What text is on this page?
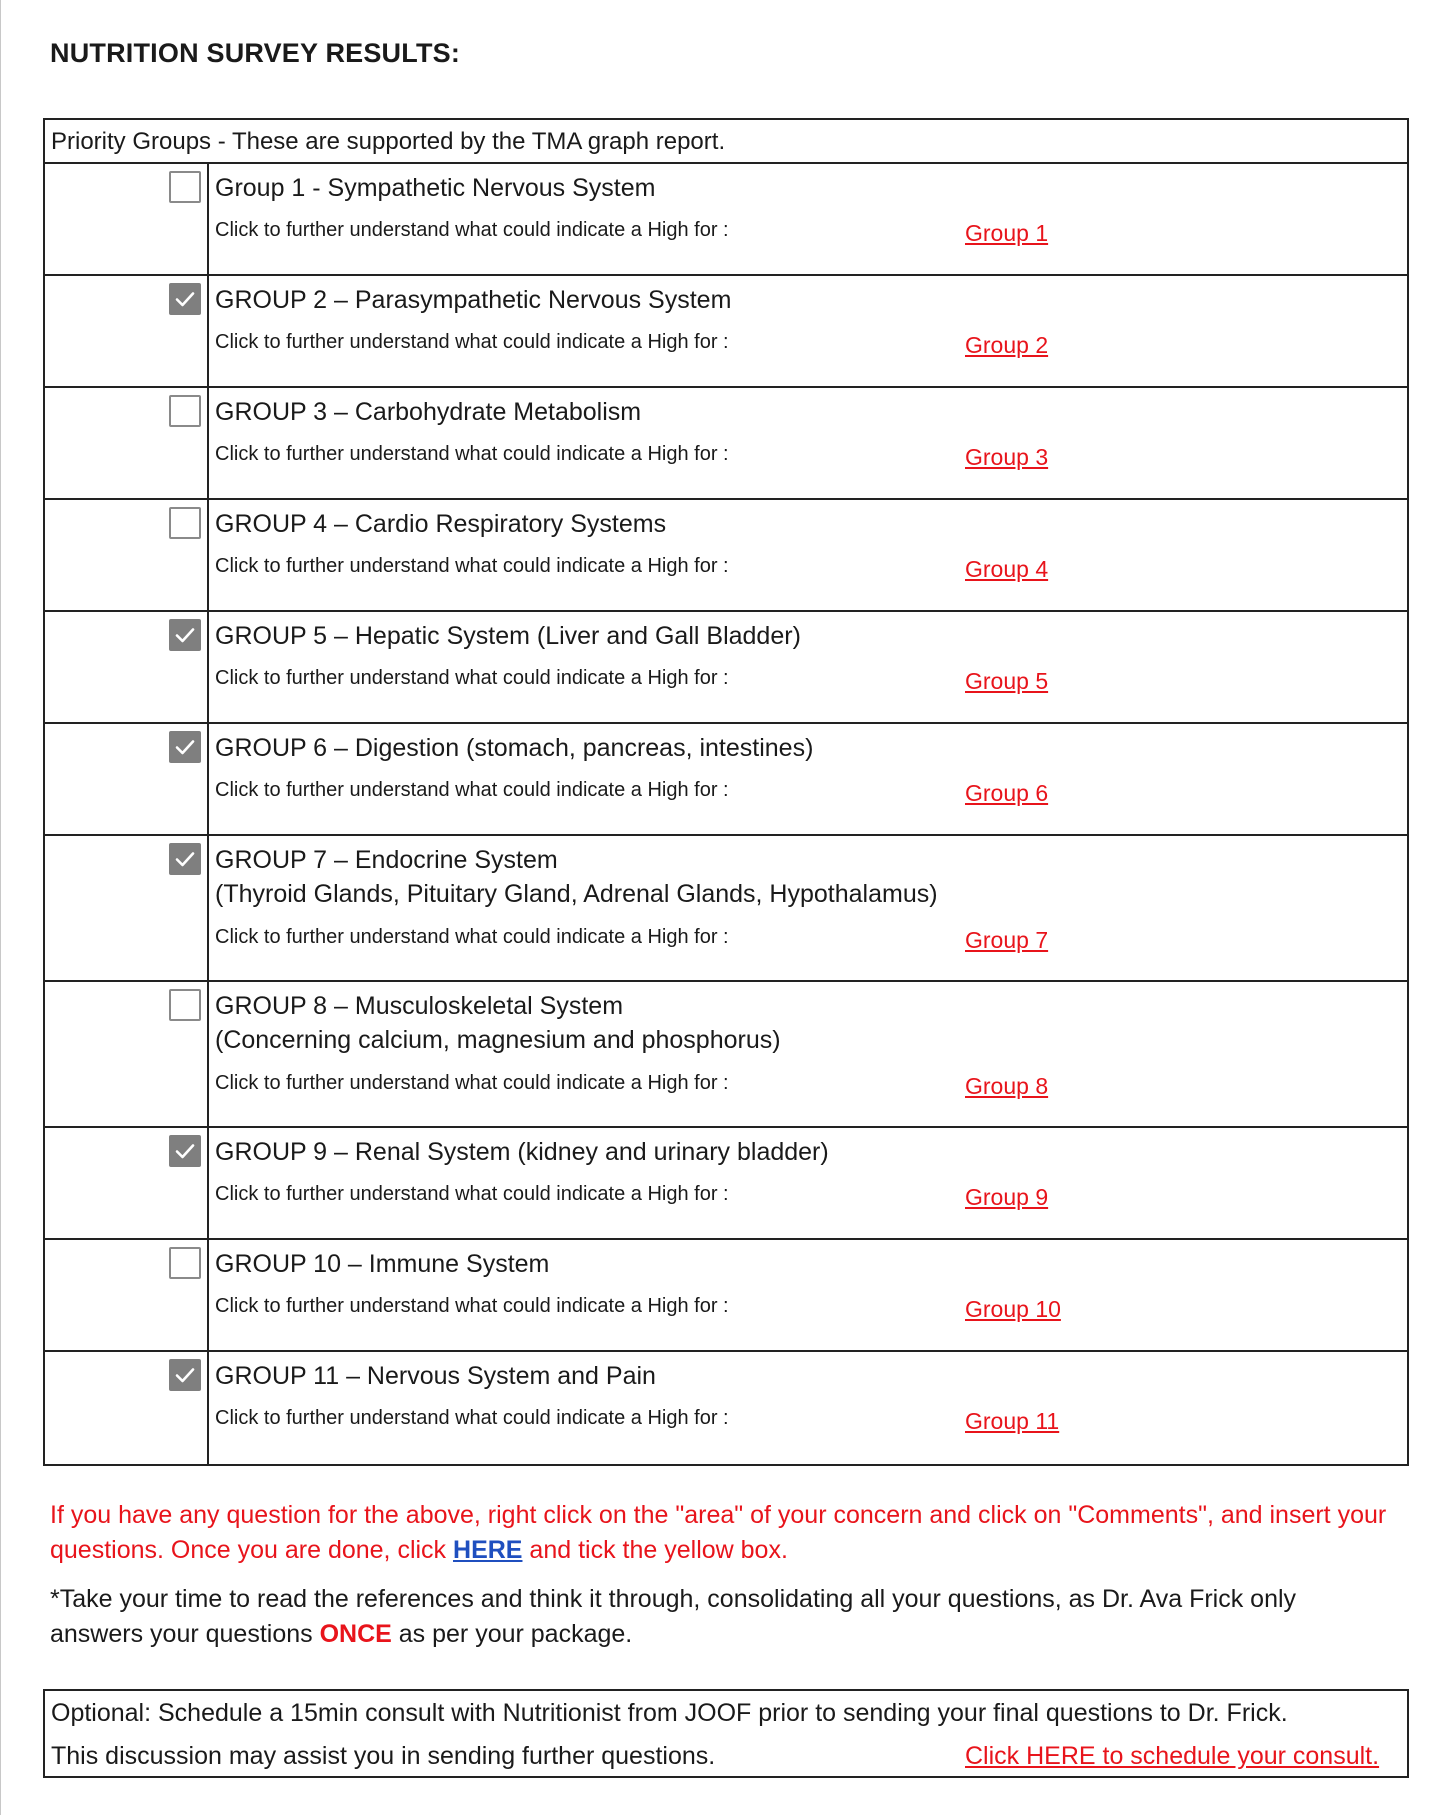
NUTRITION SURVEY RESULTS:
Priority Groups - These are supported by the TMA graph report.
Group 1 - Sympathetic Nervous System
Click to further understand what could indicate a High for :	Group 1
GROUP 2 – Parasympathetic Nervous System
Click to further understand what could indicate a High for :	Group 2
GROUP 3 – Carbohydrate Metabolism
Click to further understand what could indicate a High for :	Group 3
GROUP 4 – Cardio Respiratory Systems
Click to further understand what could indicate a High for :	Group 4
GROUP 5 – Hepatic System (Liver and Gall Bladder)
Click to further understand what could indicate a High for :	Group 5
GROUP 6 – Digestion (stomach, pancreas, intestines)
Click to further understand what could indicate a High for :	Group 6
GROUP 7 – Endocrine System
(Thyroid Glands, Pituitary Gland, Adrenal Glands, Hypothalamus)
Click to further understand what could indicate a High for :	Group 7
GROUP 8 – Musculoskeletal System
(Concerning calcium, magnesium and phosphorus)
Click to further understand what could indicate a High for :	Group 8
GROUP 9 – Renal System (kidney and urinary bladder)
Click to further understand what could indicate a High for :	Group 9
GROUP 10 – Immune System
Click to further understand what could indicate a High for :	Group 10
GROUP 11 – Nervous System and Pain
Click to further understand what could indicate a High for :	Group 11
If you have any question for the above, right click on the "area" of your concern and click on "Comments", and insert your questions. Once you are done, click HERE and tick the yellow box.
*Take your time to read the references and think it through, consolidating all your questions, as Dr. Ava Frick only answers your questions ONCE as per your package.
Optional: Schedule a 15min consult with Nutritionist from JOOF prior to sending your final questions to Dr. Frick.
This discussion may assist you in sending further questions.	Click HERE to schedule your consult.
